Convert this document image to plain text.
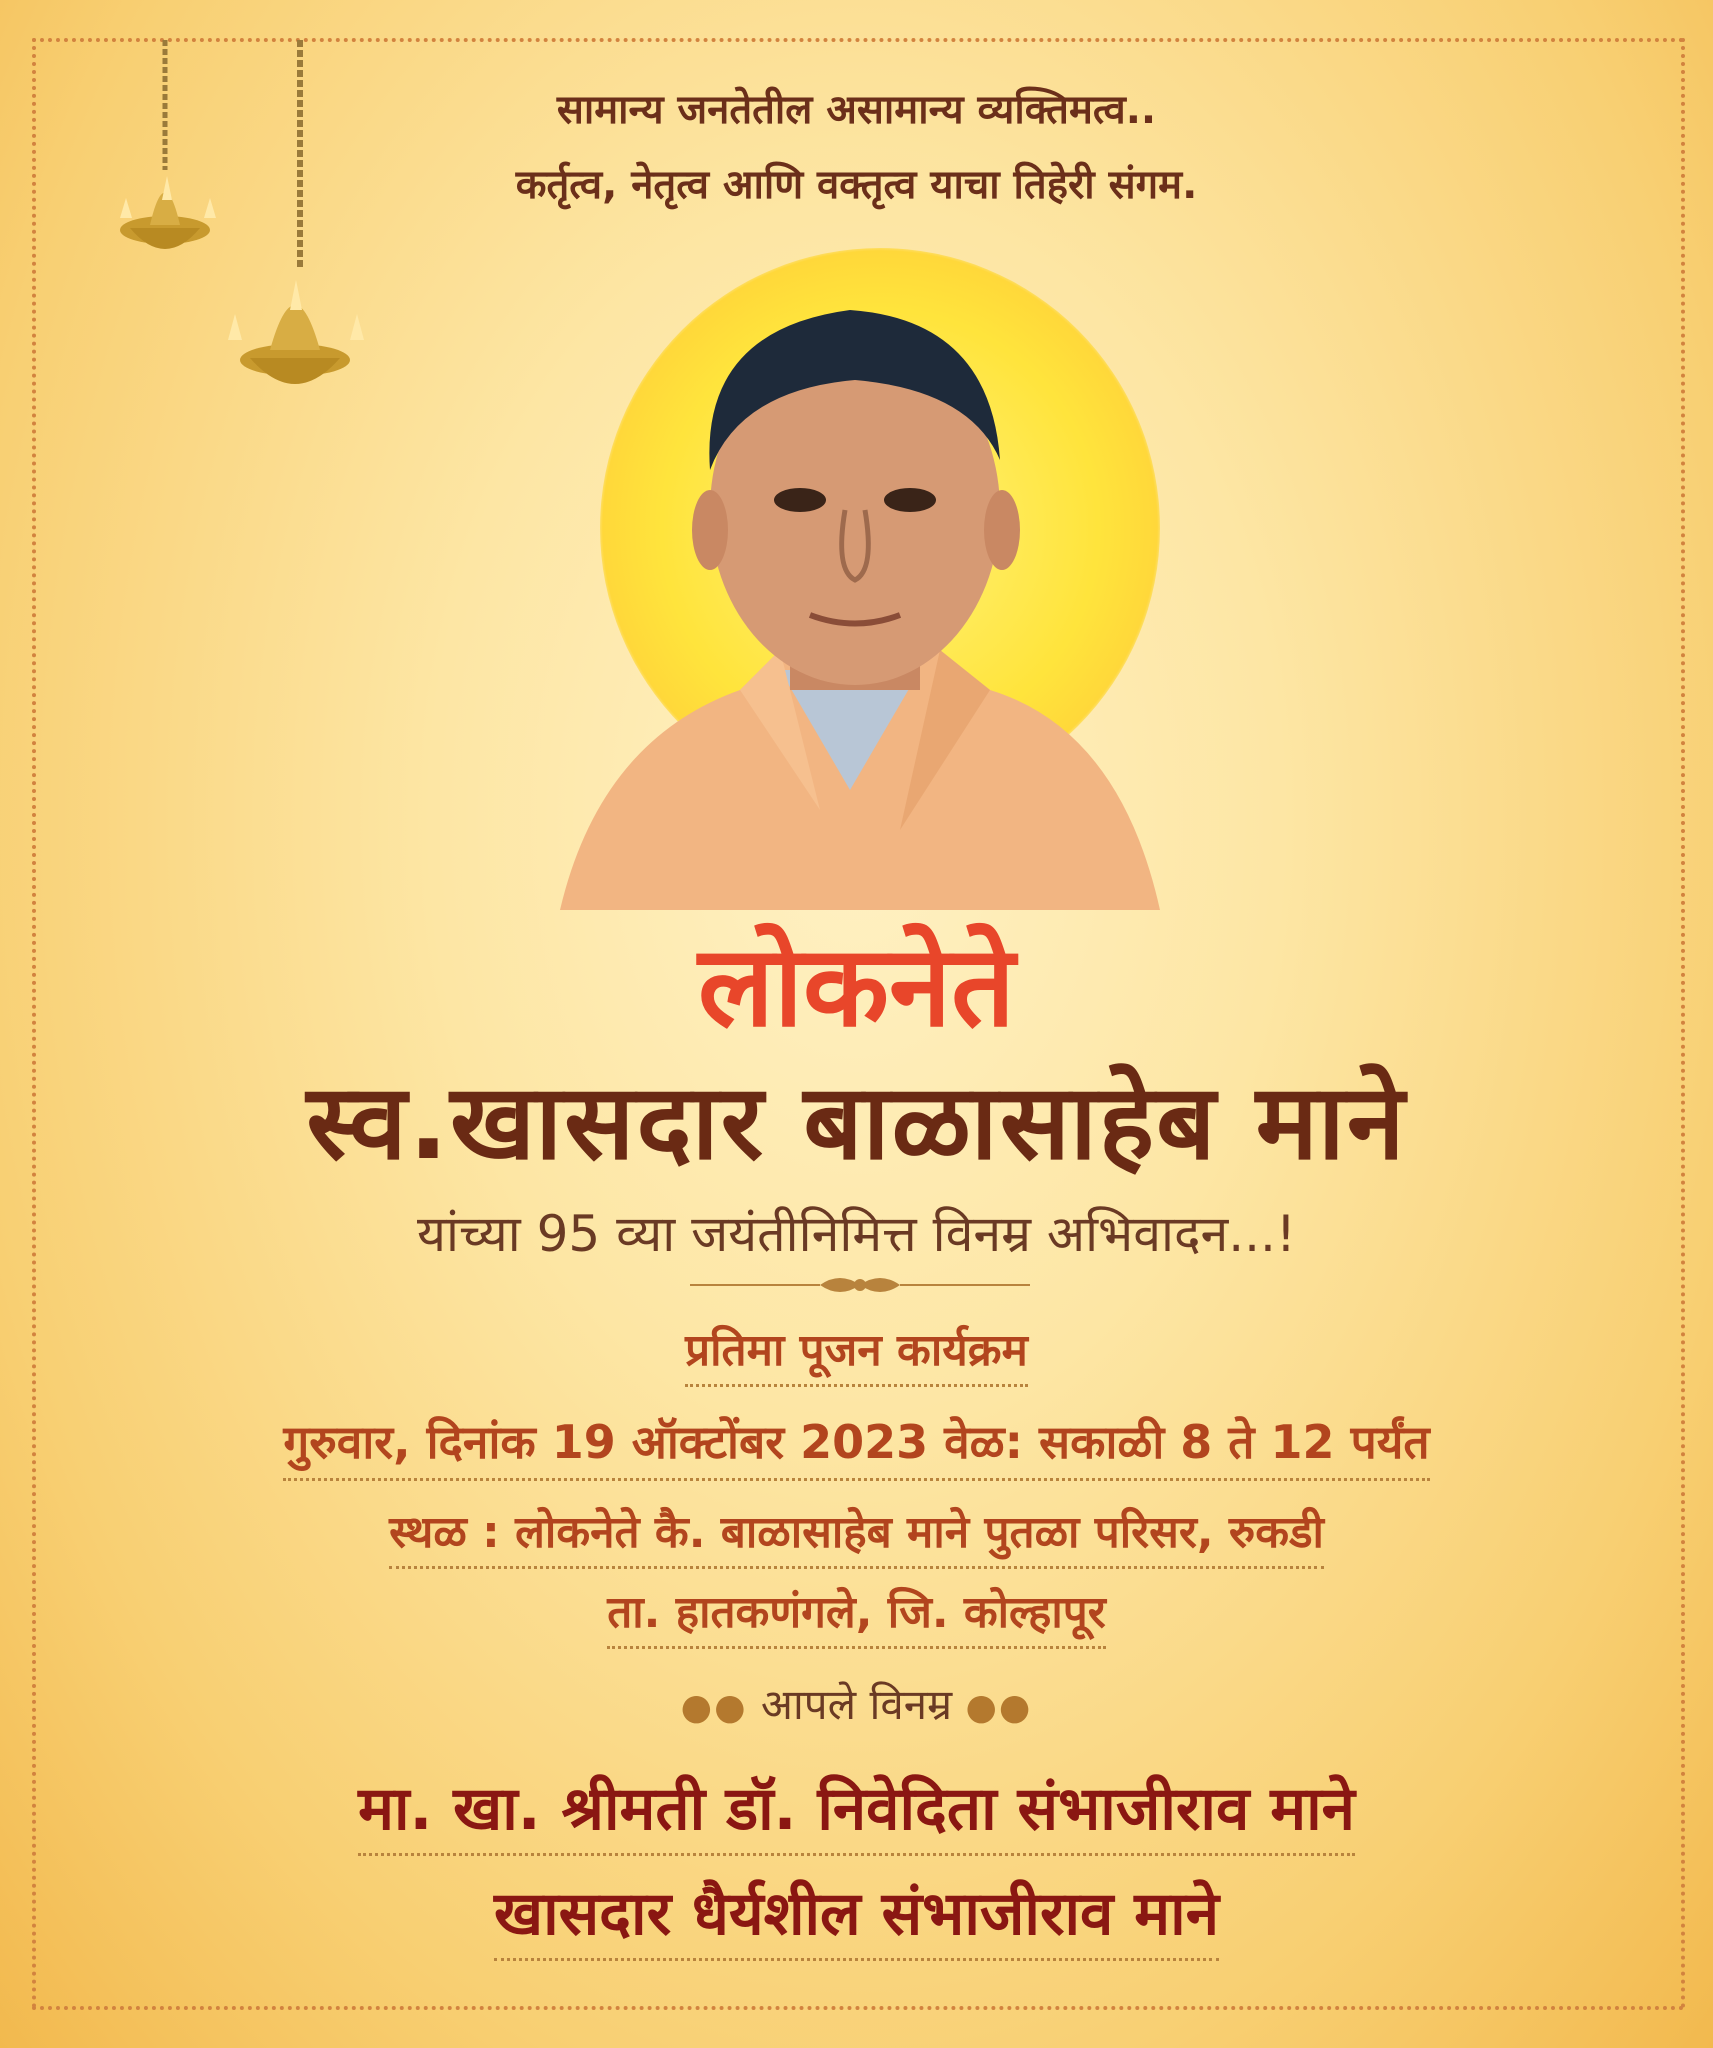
सामान्य जनतेतील असामान्य व्यक्तिमत्व..
कर्तृत्व, नेतृत्व आणि वक्तृत्व याचा तिहेरी संगम.
लोकनेते
स्व.खासदार बाळासाहेब माने
यांच्या 95 व्या जयंतीनिमित्त विनम्र अभिवादन...!
प्रतिमा पूजन कार्यक्रम
गुरुवार, दिनांक 19 ऑक्टोंबर 2023 वेळ: सकाळी 8 ते 12 पर्यंत
स्थळ : लोकनेते कै. बाळासाहेब माने पुतळा परिसर, रुकडी
ता. हातकणंगले, जि. कोल्हापूर
●● आपले विनम्र ●●
मा. खा. श्रीमती डॉ. निवेदिता संभाजीराव माने
खासदार धैर्यशील संभाजीराव माने
